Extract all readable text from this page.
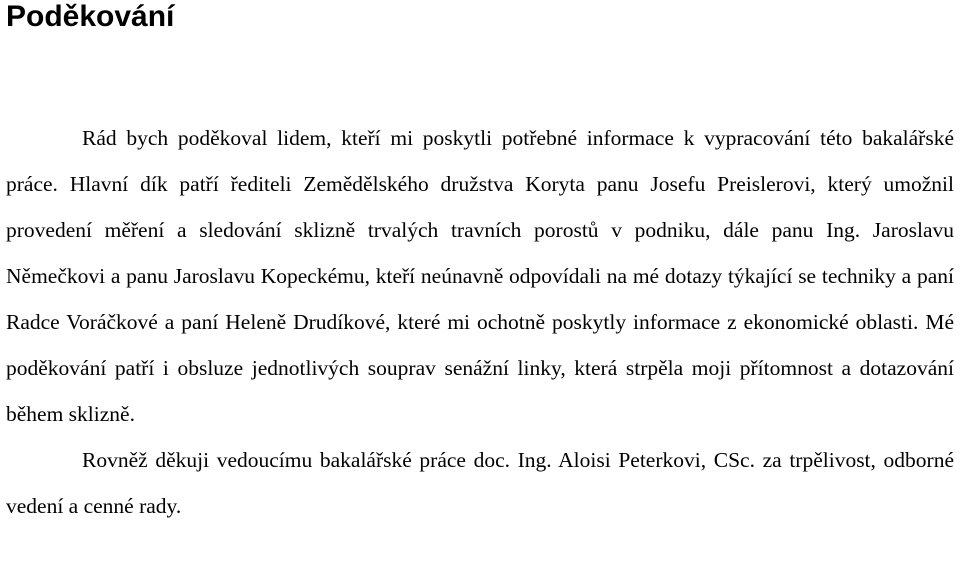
Poděkování

Rád bych poděkoval lidem, kteří mi poskytli potřebné informace k vypracování této bakalářské práce. Hlavní dík patří řediteli Zemědělského družstva Koryta panu Josefu Preislerovi, který umožnil provedení měření a sledování sklizně trvalých travních porostů v podniku, dále panu Ing. Jaroslavu Němečkovi a panu Jaroslavu Kopeckému, kteří neúnavně odpovídali na mé dotazy týkající se techniky a paní Radce Voráčkové a paní Heleně Drudíkové, které mi ochotně poskytly informace z ekonomické oblasti. Mé poděkování patří i obsluze jednotlivých souprav senážní linky, která strpěla moji přítomnost a dotazování během sklizně.

Rovněž děkuji vedoucímu bakalářské práce doc. Ing. Aloisi Peterkovi, CSc. za trpělivost, odborné vedení a cenné rady.
